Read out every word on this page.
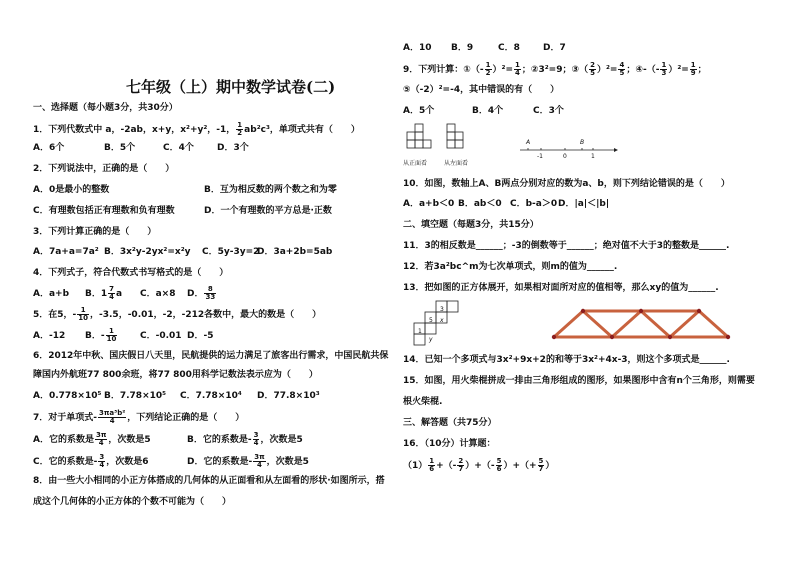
七年级（上）期中数学试卷(二)
一、选择题（每小题3分，共30分）
1．下列代数式中 a，-2ab，x+y，x²+y²，-1， $\frac{1}{2} ab^2c^3$，单项式共有（　　）
A．6个	B．5个	C．4个	D．3个
2．下列说法中，正确的是（　　）
A．0是最小的整数	B．互为相反数的两个数之和为零
C．有理数包括正有理数和负有理数	D．一个有理数的平方总是·正数
3．下列计算正确的是（　　）
A．7a+a=7a² B．3x²y-2yx²=x²y C．5y-3y=2
D．3a+2b=5ab
4．下列式子，符合代数式书写格式的是（　　）
A．a+b B．$1 \frac{7}{4}$ a C．a×8 D． $\frac{8}{33}$
5．在5，- $\frac{1}{10}$ ，-3.5，-0.01，-2，-212各数中，最大的数是（　　）
A．-12 B．- $\frac{1}{10}$	C．-0.01 D．-5
6．2012年中秋、国庆假日八天里，民航提供的运力满足了旅客出行需求，中国民航共保
障国内外航班77 800余班，将77 800用科学记数法表示应为（　　）
A．0.778×10⁵ B．7.78×10⁵ C．7.78×10⁴ D．77.8×10³
7．对于单项式- $\frac{\text{3πa³b²}}{4}$ ，下列结论正确的是（　　）
A．它的系数是 $\frac{3\pi}{4}$ ，次数是5	B．它的系数是- $\frac{3}{4}$ ，次数是5
C．它的系数是- $\frac{3}{4}$ ，次数是6	D．它的系数是- $\frac{3\pi}{4}$ ，次数是5
8．由一些大小相同的小正方体搭成的几何体的从正面看和从左面看的形状·如图所示，搭
成这个几何体的小正方体的个数不可能为（　　）
A．10 B．9	C．8	D．7
9．下列计算：①（- $\frac{1}{2} )^2= \frac{1}{4}$ ；②3²=9；③（ $\frac{2}{5} )^2= \frac{4}{5}$ ；④-（- $\frac{1}{3} )^2= \frac{1}{9}$ ；
⑤（-2）²=-4，其中错误的有（　　）
A．5个	B．4个	C．3个
从正面看	从左面看
A	B
-1	0	1
10．如图，数轴上A、B两点分别对应的数为a、b，则下列结论错误的是（　　）
A．a+b＜0 B．ab＜0 C．b-a＞0 D．|a|＜|b|
二、填空题（每题3分，共15分）
11．3的相反数是______；-3的倒数等于______；绝对值不大于3的整数是______.
12．若3a²bc^m为七次单项式，则m的值为______.
13．把如图的正方体展开，如果相对面所对应的值相等，那么xy的值为______.
3
x
5
1
y
14．已知一个多项式与3x²+9x+2的和等于3x²+4x-3，则这个多项式是______.
15．如图，用火柴棍拼成一排由三角形组成的图形，如果图形中含有n个三角形，则需要
根火柴棍.
三、解答题（共75分）
16．（10分）计算题：
$(1) \frac{1}{6}$ +（- $\frac{2}{7}$ ）+（- $\frac{5}{6}$ ）+（+ $\frac{5}{7}$ ）
